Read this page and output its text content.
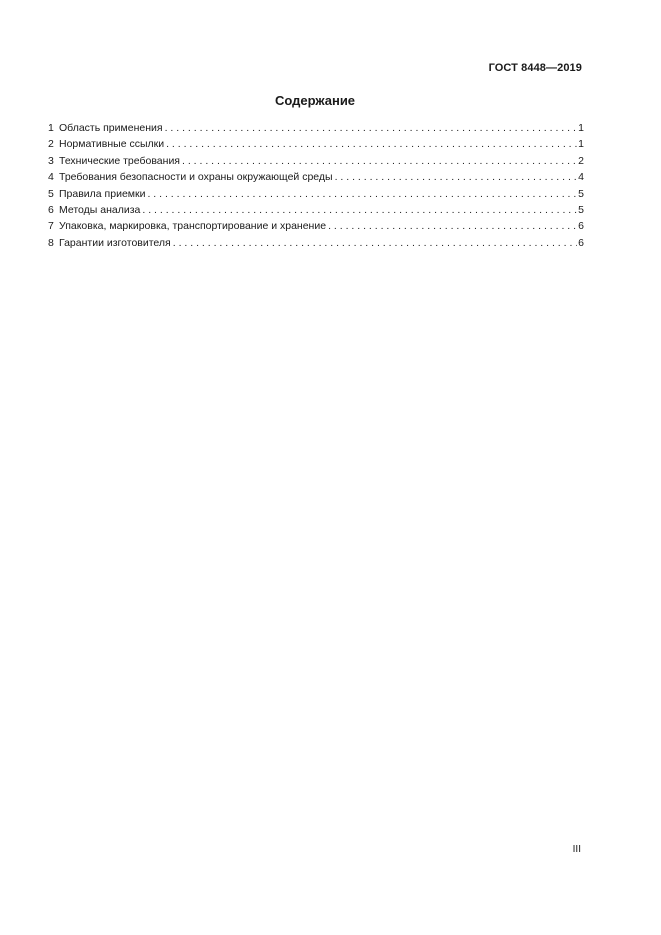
ГОСТ 8448—2019
Содержание
1 Область применения . . .	1
2 Нормативные ссылки . . .	1
3 Технические требования . . .	2
4 Требования безопасности и охраны окружающей среды . . .	4
5 Правила приемки . . .	5
6 Методы анализа . . .	5
7 Упаковка, маркировка, транспортирование и хранение . . .	6
8 Гарантии изготовителя . . .	6
III
